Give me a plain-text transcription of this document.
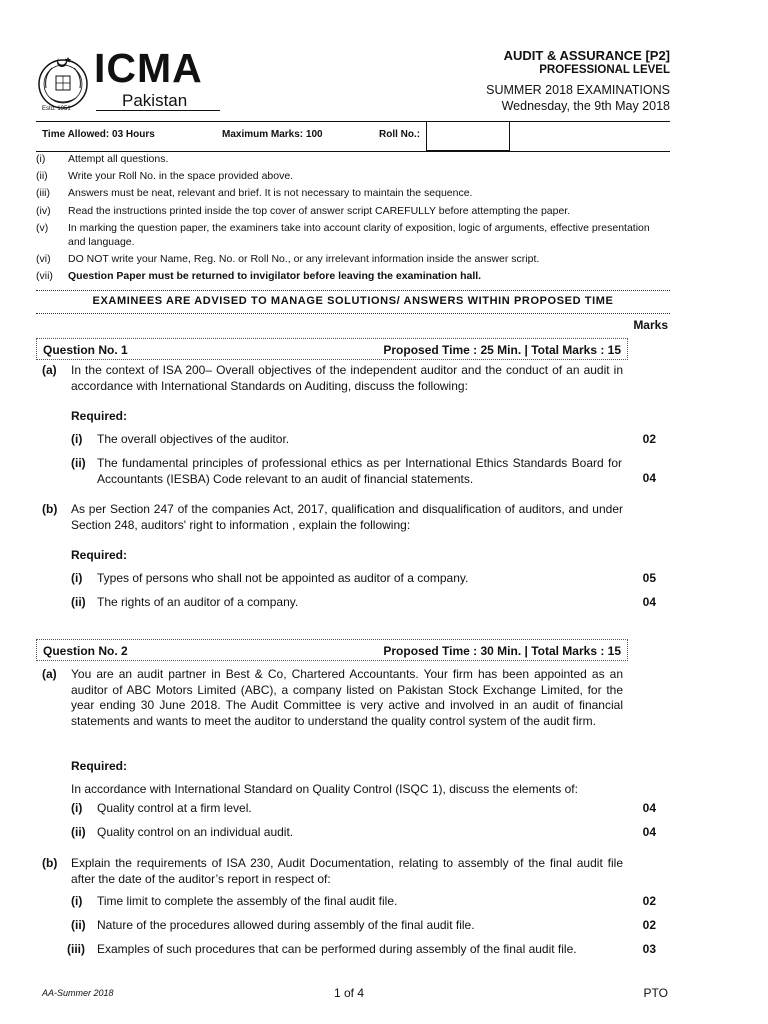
Estd. 1951
ICMA
Pakistan
AUDIT & ASSURANCE [P2]
PROFESSIONAL LEVEL
SUMMER 2018 EXAMINATIONS
Wednesday, the 9th May 2018
Time Allowed: 03 Hours	Maximum Marks: 100	Roll No.:
(i)	Attempt all questions.
(ii)	Write your Roll No. in the space provided above.
(iii)	Answers must be neat, relevant and brief. It is not necessary to maintain the sequence.
(iv)	Read the instructions printed inside the top cover of answer script CAREFULLY before attempting the paper.
(v)	In marking the question paper, the examiners take into account clarity of exposition, logic of arguments, effective presentation and language.
(vi)	DO NOT write your Name, Reg. No. or Roll No., or any irrelevant information inside the answer script.
(vii)	Question Paper must be returned to invigilator before leaving the examination hall.
EXAMINEES ARE ADVISED TO MANAGE SOLUTIONS/ ANSWERS WITHIN PROPOSED TIME
Marks
Question No. 1	Proposed Time : 25 Min. | Total Marks : 15
(a) In the context of ISA 200– Overall objectives of the independent auditor and the conduct of an audit in accordance with International Standards on Auditing, discuss the following:
Required:
(i) The overall objectives of the auditor.	02
(ii) The fundamental principles of professional ethics as per International Ethics Standards Board for Accountants (IESBA) Code relevant to an audit of financial statements.	04
(b) As per Section 247 of the companies Act, 2017, qualification and disqualification of auditors, and under Section 248, auditors' right to information , explain the following:
Required:
(i) Types of persons who shall not be appointed as auditor of a company.	05
(ii) The rights of an auditor of a company.	04
Question No. 2	Proposed Time : 30 Min. | Total Marks : 15
(a) You are an audit partner in Best & Co, Chartered Accountants. Your firm has been appointed as an auditor of ABC Motors Limited (ABC), a company listed on Pakistan Stock Exchange Limited, for the year ending 30 June 2018. The Audit Committee is very active and involved in an audit of financial statements and wants to meet the auditor to understand the quality control system of the audit firm.
Required:
In accordance with International Standard on Quality Control (ISQC 1), discuss the elements of:
(i) Quality control at a firm level.	04
(ii) Quality control on an individual audit.	04
(b) Explain the requirements of ISA 230, Audit Documentation, relating to assembly of the final audit file after the date of the auditor’s report in respect of:
(i) Time limit to complete the assembly of the final audit file.	02
(ii) Nature of the procedures allowed during assembly of the final audit file.	02
(iii) Examples of such procedures that can be performed during assembly of the final audit file.	03
AA-Summer 2018	1 of 4	PTO
